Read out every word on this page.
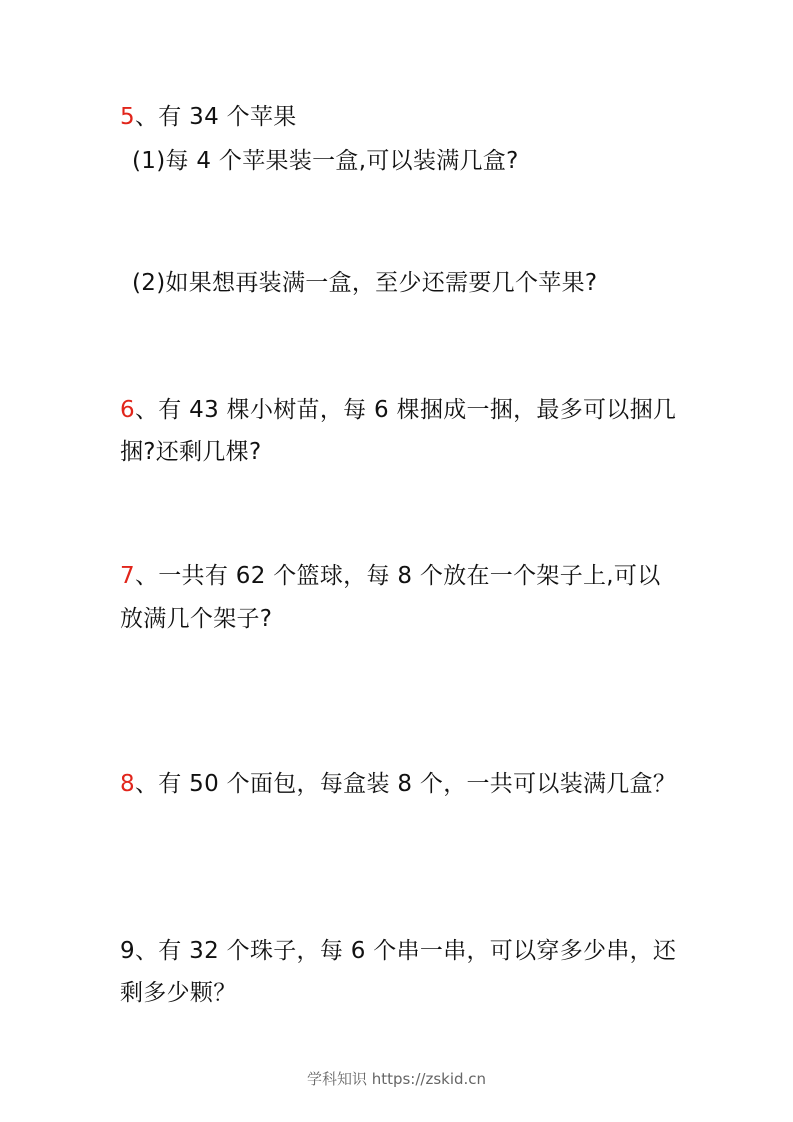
5、有 34 个苹果
(1)每 4 个苹果装一盒,可以装满几盒?
(2)如果想再装满一盒，至少还需要几个苹果?
6、有 43 棵小树苗，每 6 棵捆成一捆，最多可以捆几
捆?还剩几棵?
7、一共有 62 个篮球，每 8 个放在一个架子上,可以
放满几个架子?
8、有 50 个面包，每盒装 8 个，一共可以装满几盒？
9、有 32 个珠子，每 6 个串一串，可以穿多少串，还
剩多少颗？
学科知识 https://zskid.cn
